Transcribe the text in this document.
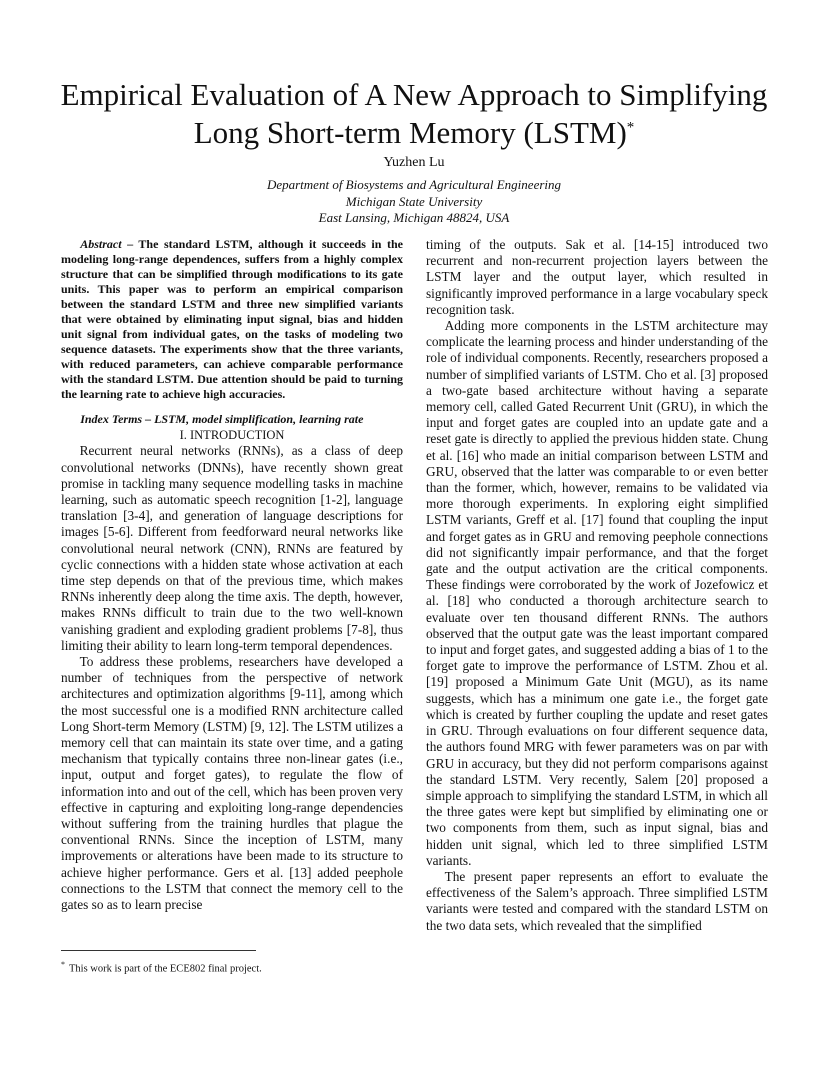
Empirical Evaluation of A New Approach to Simplifying
Long Short-term Memory (LSTM)*
Yuzhen Lu
Department of Biosystems and Agricultural Engineering
Michigan State University
East Lansing, Michigan 48824, USA

Abstract – The standard LSTM, although it succeeds in the modeling long-range dependences, suffers from a highly complex structure that can be simplified through modifications to its gate units. This paper was to perform an empirical comparison between the standard LSTM and three new simplified variants that were obtained by eliminating input signal, bias and hidden unit signal from individual gates, on the tasks of modeling two sequence datasets. The experiments show that the three variants, with reduced parameters, can achieve comparable performance with the standard LSTM. Due attention should be paid to turning the learning rate to achieve high accuracies.

Index Terms – LSTM, model simplification, learning rate

I. INTRODUCTION

Recurrent neural networks (RNNs), as a class of deep convolutional networks (DNNs), have recently shown great promise in tackling many sequence modelling tasks in machine learning, such as automatic speech recognition [1-2], language translation [3-4], and generation of language descriptions for images [5-6]. Different from feedforward neural networks like convolutional neural network (CNN), RNNs are featured by cyclic connections with a hidden state whose activation at each time step depends on that of the previous time, which makes RNNs inherently deep along the time axis. The depth, however, makes RNNs difficult to train due to the two well-known vanishing gradient and exploding gradient problems [7-8], thus limiting their ability to learn long-term temporal dependences.

To address these problems, researchers have developed a number of techniques from the perspective of network architectures and optimization algorithms [9-11], among which the most successful one is a modified RNN architecture called Long Short-term Memory (LSTM) [9, 12]. The LSTM utilizes a memory cell that can maintain its state over time, and a gating mechanism that typically contains three non-linear gates (i.e., input, output and forget gates), to regulate the flow of information into and out of the cell, which has been proven very effective in capturing and exploiting long-range dependencies without suffering from the training hurdles that plague the conventional RNNs. Since the inception of LSTM, many improvements or alterations have been made to its structure to achieve higher performance. Gers et al. [13] added peephole connections to the LSTM that connect the memory cell to the gates so as to learn precise

timing of the outputs. Sak et al. [14-15] introduced two recurrent and non-recurrent projection layers between the LSTM layer and the output layer, which resulted in significantly improved performance in a large vocabulary speck recognition task.

Adding more components in the LSTM architecture may complicate the learning process and hinder understanding of the role of individual components. Recently, researchers proposed a number of simplified variants of LSTM. Cho et al. [3] proposed a two-gate based architecture without having a separate memory cell, called Gated Recurrent Unit (GRU), in which the input and forget gates are coupled into an update gate and a reset gate is directly to applied the previous hidden state. Chung et al. [16] who made an initial comparison between LSTM and GRU, observed that the latter was comparable to or even better than the former, which, however, remains to be validated via more thorough experiments. In exploring eight simplified LSTM variants, Greff et al. [17] found that coupling the input and forget gates as in GRU and removing peephole connections did not significantly impair performance, and that the forget gate and the output activation are the critical components. These findings were corroborated by the work of Jozefowicz et al. [18] who conducted a thorough architecture search to evaluate over ten thousand different RNNs. The authors observed that the output gate was the least important compared to input and forget gates, and suggested adding a bias of 1 to the forget gate to improve the performance of LSTM. Zhou et al. [19] proposed a Minimum Gate Unit (MGU), as its name suggests, which has a minimum one gate i.e., the forget gate which is created by further coupling the update and reset gates in GRU. Through evaluations on four different sequence data, the authors found MRG with fewer parameters was on par with GRU in accuracy, but they did not perform comparisons against the standard LSTM. Very recently, Salem [20] proposed a simple approach to simplifying the standard LSTM, in which all the three gates were kept but simplified by eliminating one or two components from them, such as input signal, bias and hidden unit signal, which led to three simplified LSTM variants.

The present paper represents an effort to evaluate the effectiveness of the Salem’s approach. Three simplified LSTM variants were tested and compared with the standard LSTM on the two data sets, which revealed that the simplified

* This work is part of the ECE802 final project.
